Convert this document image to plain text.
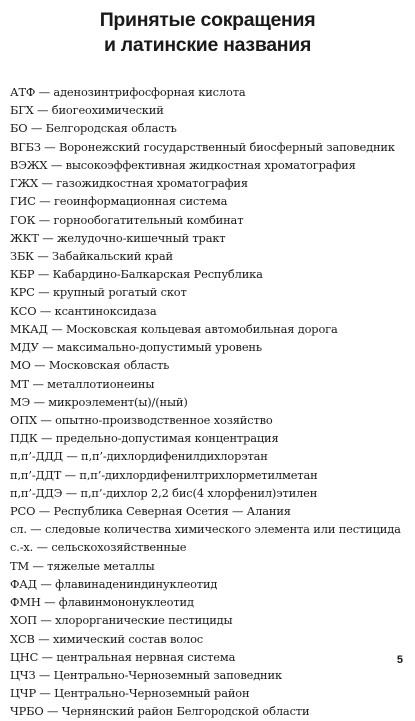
Принятые сокращения
и латинские названия
АТФ — аденозинтрифосфорная кислота
БГХ — биогеохимический
БО — Белгородская область
ВГБЗ — Воронежский государственный биосферный заповедник
ВЭЖХ — высокоэффективная жидкостная хроматография
ГЖХ — газожидкостная хроматография
ГИС — геоинформационная система
ГОК — горнообогатительный комбинат
ЖКТ — желудочно-кишечный тракт
ЗБК — Забайкальский край
КБР — Кабардино-Балкарская Республика
КРС — крупный рогатый скот
КСО — ксантиноксидаза
МКАД — Московская кольцевая автомобильная дорога
МДУ — максимально-допустимый уровень
МО — Московская область
МТ — металлотионеины
МЭ — микроэлемент(ы)/(ный)
ОПХ — опытно-производственное хозяйство
ПДК — предельно-допустимая концентрация
п,п’-ДДД — п,п’-дихлордифенилдихлорэтан
п,п’-ДДТ — п,п’-дихлордифенилтрихлорметилметан
п,п’-ДДЭ — п,п’-дихлор 2,2 бис(4 хлорфенил)этилен
РСО — Республика Северная Осетия — Алания
сл. — следовые количества химического элемента или пестицида
с.-х. — сельскохозяйственные
ТМ — тяжелые металлы
ФАД — флавинадениндинуклеотид
ФМН — флавинмононуклеотид
ХОП — хлорорганические пестициды
ХСВ — химический состав волос
ЦНС — центральная нервная система
ЦЧЗ — Центрально-Черноземный заповедник
ЦЧР — Центрально-Черноземный район
ЧРБО — Чернянский район Белгородской области
5
